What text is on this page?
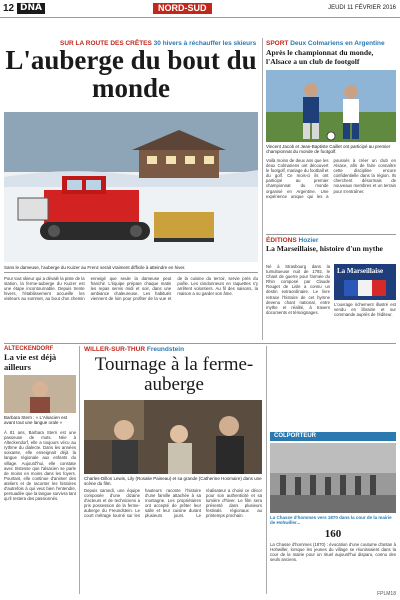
12 DNA	NORD-SUD	JEUDI 11 FÉVRIER 2016
SUR LA ROUTE DES CRÊTES 30 hivers à réchauffer les skieurs
L'auberge du bout du monde
Sans le dameuse, l'auberge du Kuizer au Frenz serait vraiment difficile à atteindre en hiver.
Pour tout skieur qui a dévalé la piste de la station, la ferme-auberge du Kuizer est une étape incontournable. Depuis trente hivers, l'établissement accueille les visiteurs au sommet, au bout d'un chemin enneigé que seule la dameuse peut franchir. L'équipe prépare chaque matin les repas servis midi et soir, dans une ambiance chaleureuse. Les habitués viennent de loin pour profiter de la vue et de la cuisine du terroir, servie près du poêle. Les randonneurs en raquettes s'y arrêtent volontiers. Au fil des saisons, la maison a su garder son âme.
SPORT Deux Colmariens en Argentine
Après le championnat du monde, l'Alsace a un club de footgolf
Vincent Jacob et Jean-Baptiste Caillet ont participé au premier championnat du monde de footgolf.
Voilà moins de deux ans que les deux Colmariens ont découvert le footgolf, mariage du football et du golf. Ce mois-ci ils ont participé au premier championnat du monde organisé en Argentine. Une expérience unique qui les a poussés à créer un club en Alsace, afin de faire connaître cette discipline encore confidentielle dans la région. Ils cherchent désormais de nouveaux membres et un terrain pour s'entraîner.
ÉDITIONS Hozier
La Marseillaise, histoire d'un mythe
Né à Strasbourg dans la tumultueuse nuit de 1792, le Chant de guerre pour l'armée du Rhin composé par Claude Rouget de Lisle a connu un destin extraordinaire. Le livre retrace l'histoire de cet hymne devenu chant national, entre mythe et réalité, à travers documents et témoignages.
La Marseillaise
L'ouvrage richement illustré est vendu en librairie et sur commande auprès de l'éditeur.
ALTECKENDORF
La vie est déjà ailleurs
Barbara Stern : « L'Alsacien est avant tout une langue orale »
À 81 ans, Barbara Stern est une passeuse de mots. Née à Alteckendorf, elle a toujours vécu au rythme du dialecte. Dans les années soixante, elle enseignait déjà la langue régionale aux enfants du village. Aujourd'hui, elle constate avec tristesse que l'alsacien se parle de moins en moins dans les foyers. Pourtant, elle continue d'animer des ateliers et de raconter les histoires d'autrefois à qui veut bien l'entendre, persuadée que la langue survivra tant qu'il restera des passionnés.
WILLER-SUR-THUR Freundstein
Tournage à la ferme-auberge
Charles-Dillon Lewis, Lily (Rosalie Paineau) et sa grande (Catherine Hosmaire) dans une scène du film.
Depuis samedi, une équipe composée d'une dizaine d'acteurs et de techniciens a pris possession de la ferme-auberge du Freundstein. Le court métrage tourné sur les hauteurs raconte l'histoire d'une famille attachée à sa montagne. Les propriétaires ont accepté de prêter leur salle et leur cuisine durant plusieurs jours. Le réalisateur a choisi ce décor pour son authenticité et sa lumière d'hiver. Le film sera présenté dans plusieurs festivals régionaux au printemps prochain.
COLPORTEUR
La Chasse d'hommes vers 1870 dans la cour de la mairie de Hohwiller...
160
La Chasse d'hommes (1870) : évocation d'une coutume d'antan à Hohwiller, lorsque les jeunes du village se réunissaient dans la cour de la mairie pour un rituel aujourd'hui disparu, connu des seuls anciens.
FPLM18
